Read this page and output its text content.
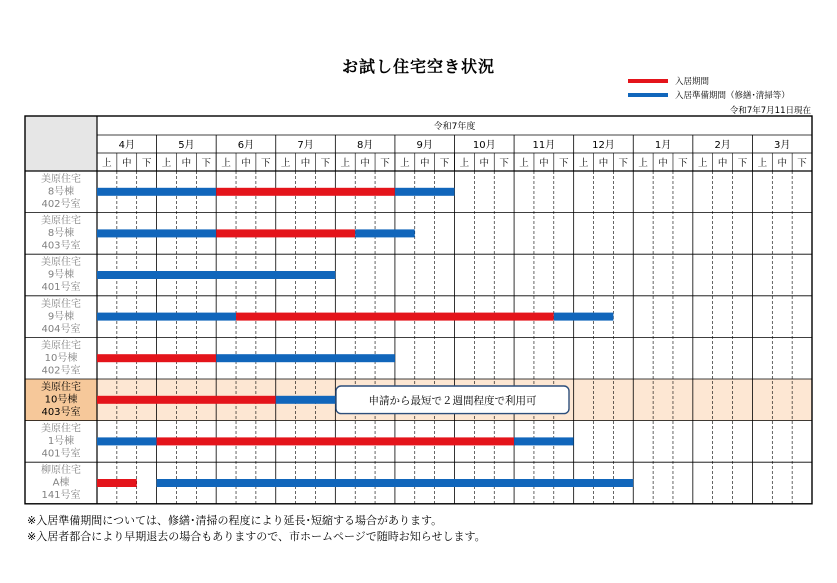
お試し住宅空き状況
入居期間
入居準備期間（修繕･清掃等）
令和7年7月11日現在
令和7年度
4月	5月	6月	7月	8月	9月	10月	11月	12月	1月	2月	3月
上 中 下 上 中 下 上 中 下 上 中 下 上 中 下 上 中 下 上 中 下 上 中 下 上 中 下 上 中 下 上 中 下 上 中 下
美原住宅
8号棟
402号室
美原住宅
8号棟
403号室
美原住宅
9号棟
401号室
美原住宅
9号棟
404号室
美原住宅
10号棟
402号室
美原住宅
10号棟
403号室
申請から最短で２週間程度で利用可
美原住宅
1号棟
401号室
柳原住宅
A棟
141号室
※入居準備期間については、修繕･清掃の程度により延長･短縮する場合があります。
※入居者都合により早期退去の場合もありますので、市ホームページで随時お知らせします。
